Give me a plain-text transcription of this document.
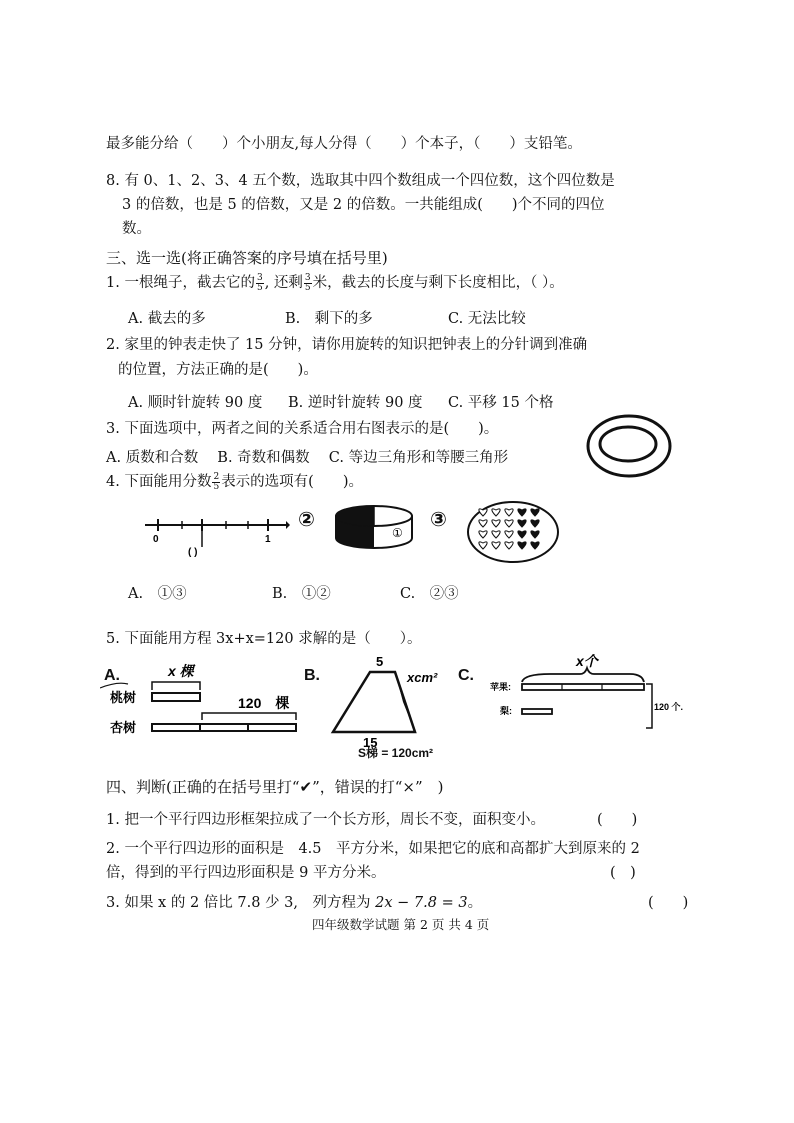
最多能分给（　　）个小朋友,每人分得（　　）个本子，（　　）支铅笔。
8. 有 0、1、2、3、4 五个数，选取其中四个数组成一个四位数，这个四位数是
3 的倍数，也是 5 的倍数，又是 2 的倍数。一共能组成(　　)个不同的四位
数。
三、选一选(将正确答案的序号填在括号里)
1. 一根绳子，截去它的 $\frac{3}{5}$ , 还剩 $\frac{3}{5}$ 米，截去的长度与剩下长度相比，（ ）。
A. 截去的多	B.　剩下的多	C. 无法比较
2. 家里的钟表走快了 15 分钟，请你用旋转的知识把钟表上的分针调到准确
的位置，方法正确的是(　　)。
A. 顺时针旋转 90 度 B. 逆时针旋转 90 度 C. 平移 15 个格
3. 下面选项中，两者之间的关系适合用右图表示的是(　　)。
A. 质数和合数　 B. 奇数和偶数　 C. 等边三角形和等腰三角形
4. 下面能用分数 $\frac{2}{5}$ 表示的选项有(　　)。
0	1
( )
②
①
③
A.　①③	B.　①②	C.　②③
5. 下面能用方程 3x+x=120 求解的是（　　）。
A.	x 棵
桃树	120　棵
杏树
B.
5
xcm²
15
S梯 = 120cm²
C.
x个
苹果:
梨:	120 个.
四、判断(正确的在括号里打“✔”，错误的打“×”　)
1. 把一个平行四边形框架拉成了一个长方形，周长不变，面积变小。	(　　)
2. 一个平行四边形的面积是　4.5　平方分米，如果把它的底和高都扩大到原来的 2
倍，得到的平行四边形面积是 9 平方分米。	(　)
3. 如果 x 的 2 倍比 7.8 少 3,　列方程为 2x − 7.8 = 3。	(　　)
四年级数学试题 第 2 页 共 4 页
